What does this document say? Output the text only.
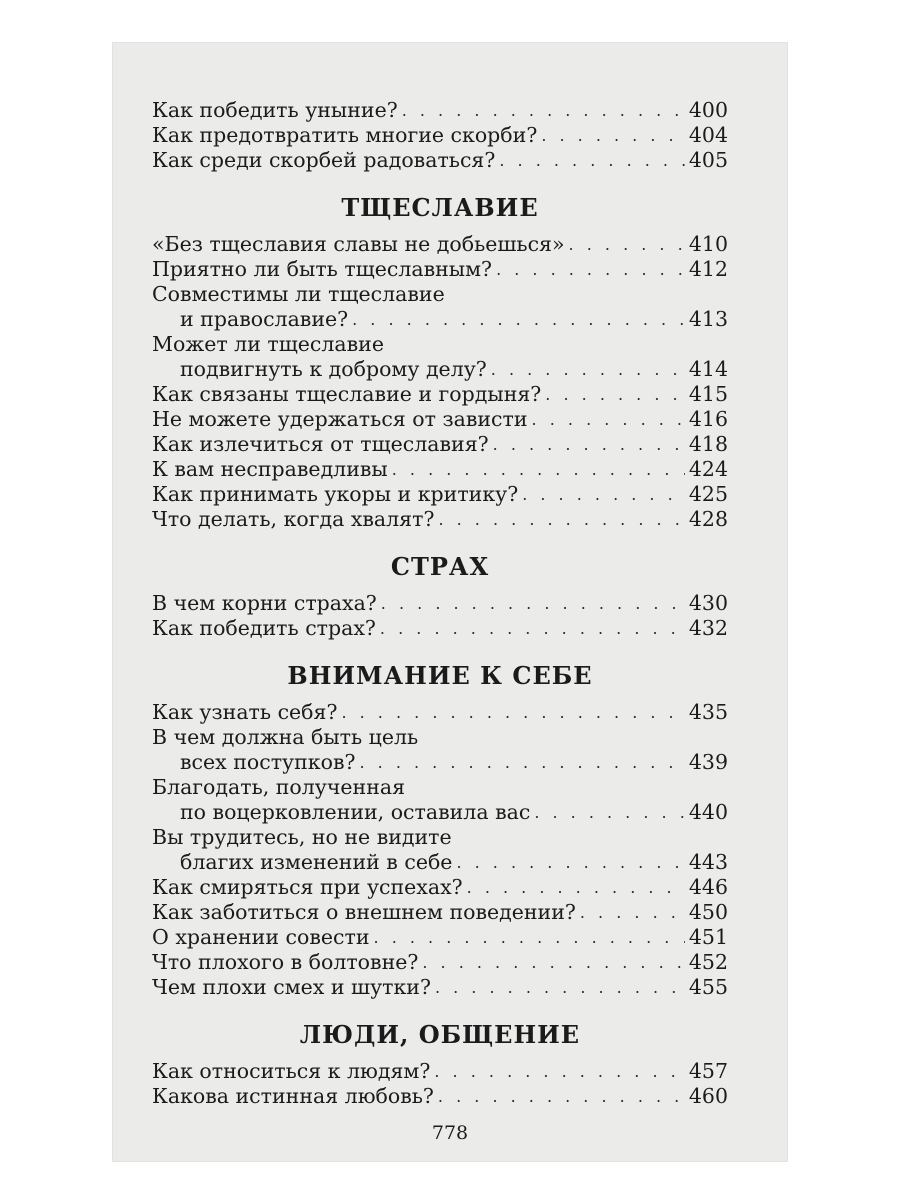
Как победить уныние? . . .	400
Как предотвратить многие скорби? . . .	404
Как среди скорбей радоваться? . . .	405
ТЩЕСЛАВИЕ
«Без тщеславия славы не добьешься» . . .	410
Приятно ли быть тщеславным? . . .	412
Совместимы ли тщеславие
и православие? . . .	413
Может ли тщеславие
подвигнуть к доброму делу? . . .	414
Как связаны тщеславие и гордыня? . . .	415
Не можете удержаться от зависти . . .	416
Как излечиться от тщеславия? . . .	418
К вам несправедливы . . .	424
Как принимать укоры и критику? . . .	425
Что делать, когда хвалят? . . .	428
СТРАХ
В чем корни страха? . . .	430
Как победить страх? . . .	432
ВНИМАНИЕ К СЕБЕ
Как узнать себя? . . .	435
В чем должна быть цель
всех поступков? . . .	439
Благодать, полученная
по воцерковлении, оставила вас . . .	440
Вы трудитесь, но не видите
благих изменений в себе . . .	443
Как смиряться при успехах? . . .	446
Как заботиться о внешнем поведении? . . .	450
О хранении совести . . .	451
Что плохого в болтовне? . . .	452
Чем плохи смех и шутки? . . .	455
ЛЮДИ, ОБЩЕНИЕ
Как относиться к людям? . . .	457
Какова истинная любовь? . . .	460
778
